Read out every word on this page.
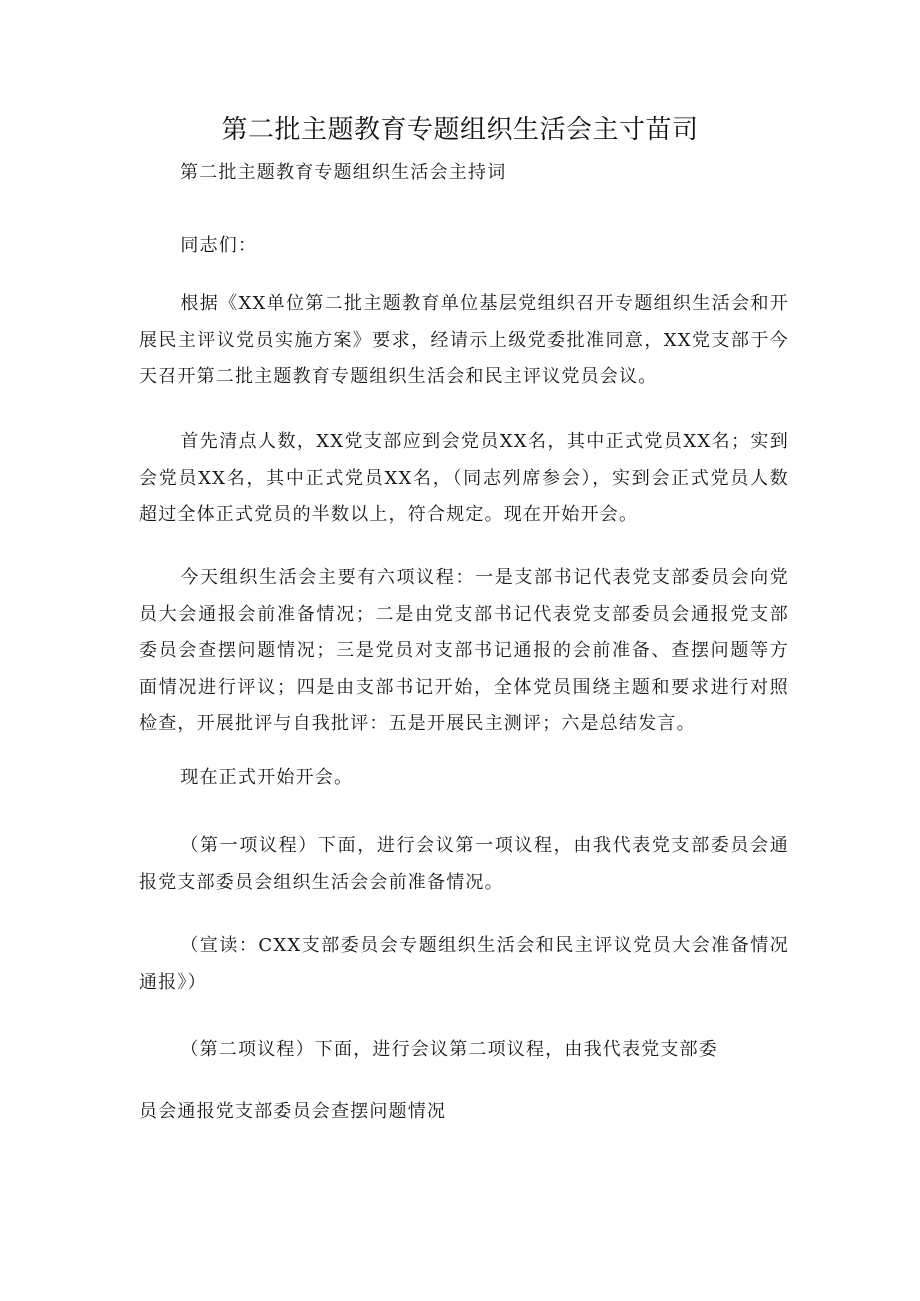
第二批主题教育专题组织生活会主寸苗司

第二批主题教育专题组织生活会主持词

同志们：

根据《XX单位第二批主题教育单位基层党组织召开专题组织生活会和开展民主评议党员实施方案》要求，经请示上级党委批准同意，XX党支部于今天召开第二批主题教育专题组织生活会和民主评议党员会议。

首先清点人数，XX党支部应到会党员XX名，其中正式党员XX名；实到会党员XX名，其中正式党员XX名，（同志列席参会），实到会正式党员人数超过全体正式党员的半数以上，符合规定。现在开始开会。

今天组织生活会主要有六项议程：一是支部书记代表党支部委员会向党员大会通报会前准备情况；二是由党支部书记代表党支部委员会通报党支部委员会查摆问题情况；三是党员对支部书记通报的会前准备、查摆问题等方面情况进行评议；四是由支部书记开始，全体党员围绕主题和要求进行对照检查，开展批评与自我批评：五是开展民主测评；六是总结发言。

现在正式开始开会。

（第一项议程）下面，进行会议第一项议程，由我代表党支部委员会通报党支部委员会组织生活会会前准备情况。

（宣读：CXX支部委员会专题组织生活会和民主评议党员大会准备情况通报》）

（第二项议程）下面，进行会议第二项议程，由我代表党支部委

员会通报党支部委员会查摆问题情况
